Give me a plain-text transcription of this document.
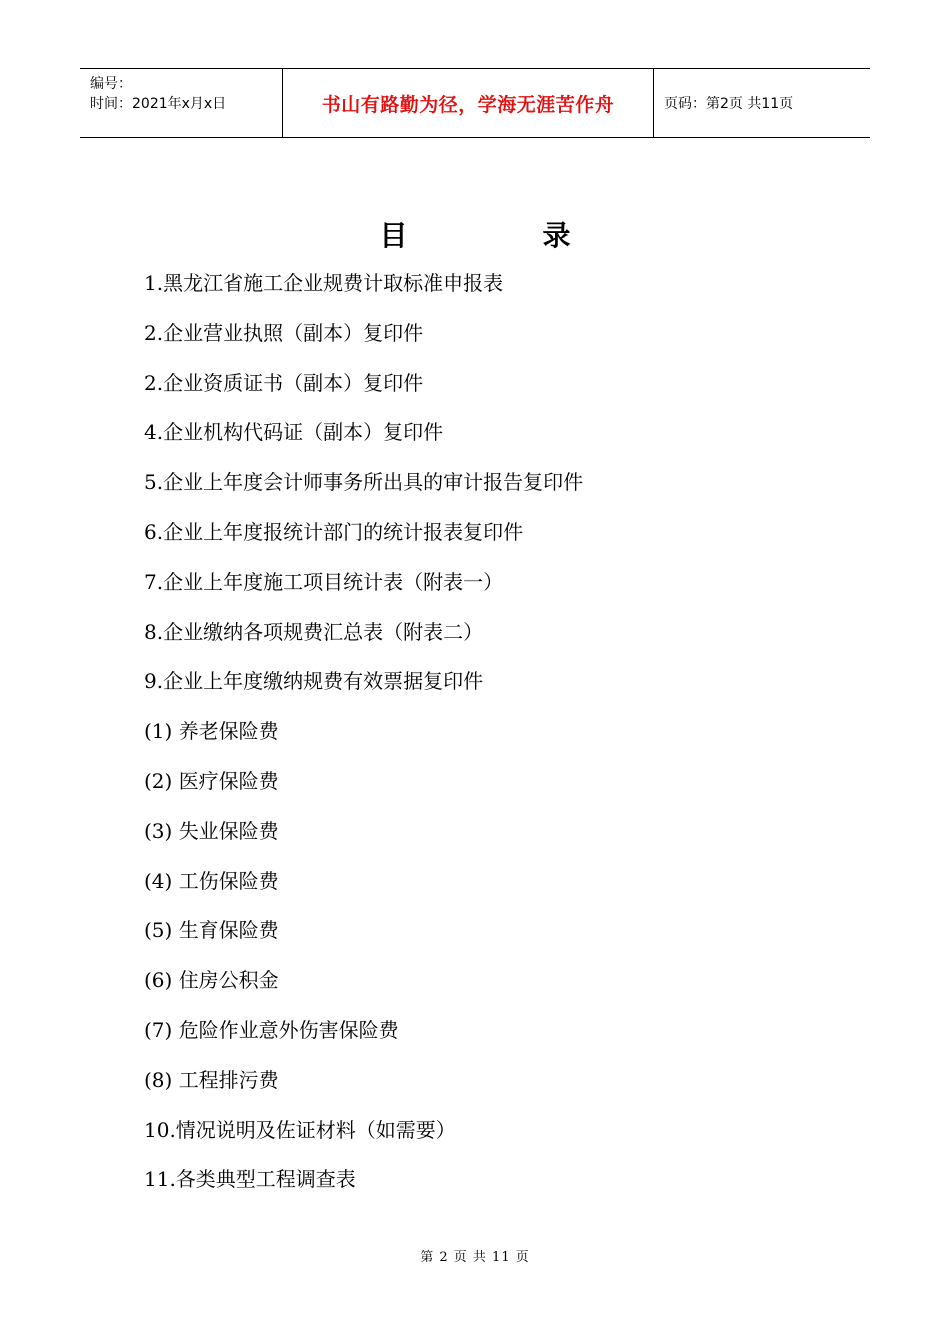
编号：
时间：2021年x月x日	书山有路勤为径，学海无涯苦作舟	页码：第2页 共11页
目	录
1.黑龙江省施工企业规费计取标准申报表
2.企业营业执照（副本）复印件
2.企业资质证书（副本）复印件
4.企业机构代码证（副本）复印件
5.企业上年度会计师事务所出具的审计报告复印件
6.企业上年度报统计部门的统计报表复印件
7.企业上年度施工项目统计表（附表一）
8.企业缴纳各项规费汇总表（附表二）
9.企业上年度缴纳规费有效票据复印件
(1) 养老保险费
(2) 医疗保险费
(3) 失业保险费
(4) 工伤保险费
(5) 生育保险费
(6) 住房公积金
(7) 危险作业意外伤害保险费
(8) 工程排污费
10.情况说明及佐证材料（如需要）
11.各类典型工程调查表
第 2 页 共 11 页
